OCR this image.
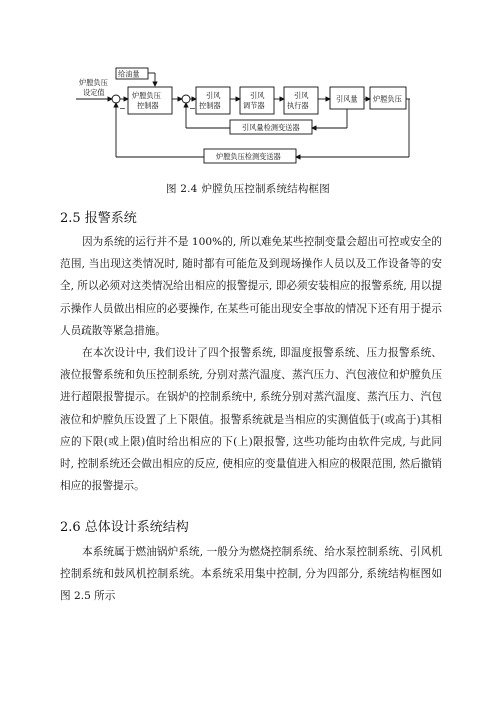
炉膛负压
设定值
给油量
炉膛负压
控制器
引风
控制器
引风
调节器
引风
执行器
引风量 炉膛负压
引风量检测变送器
炉膛负压检测变送器
−	−
图 2.4 炉膛负压控制系统结构框图
2.5 报警系统

因为系统的运行并不是 100%的, 所以难免某些控制变量会超出可控或安全的范围, 当出现这类情况时, 随时都有可能危及到现场操作人员以及工作设备等的安全, 所以必须对这类情况给出相应的报警提示, 即必须安装相应的报警系统, 用以提示操作人员做出相应的必要操作, 在某些可能出现安全事故的情况下还有用于提示人员疏散等紧急措施。

在本次设计中, 我们设计了四个报警系统, 即温度报警系统、压力报警系统、液位报警系统和负压控制系统, 分别对蒸汽温度、蒸汽压力、汽包液位和炉膛负压进行超限报警提示。在锅炉的控制系统中, 系统分别对蒸汽温度、蒸汽压力、汽包液位和炉膛负压设置了上下限值。报警系统就是当相应的实测值低于(或高于)其相应的下限(或上限)值时给出相应的下(上)限报警, 这些功能均由软件完成, 与此同时, 控制系统还会做出相应的反应, 使相应的变量值进入相应的极限范围, 然后撤销相应的报警提示。

2.6 总体设计系统结构

本系统属于燃油锅炉系统, 一般分为燃烧控制系统、给水泵控制系统、引风机控制系统和鼓风机控制系统。本系统采用集中控制, 分为四部分, 系统结构框图如图 2.5 所示
